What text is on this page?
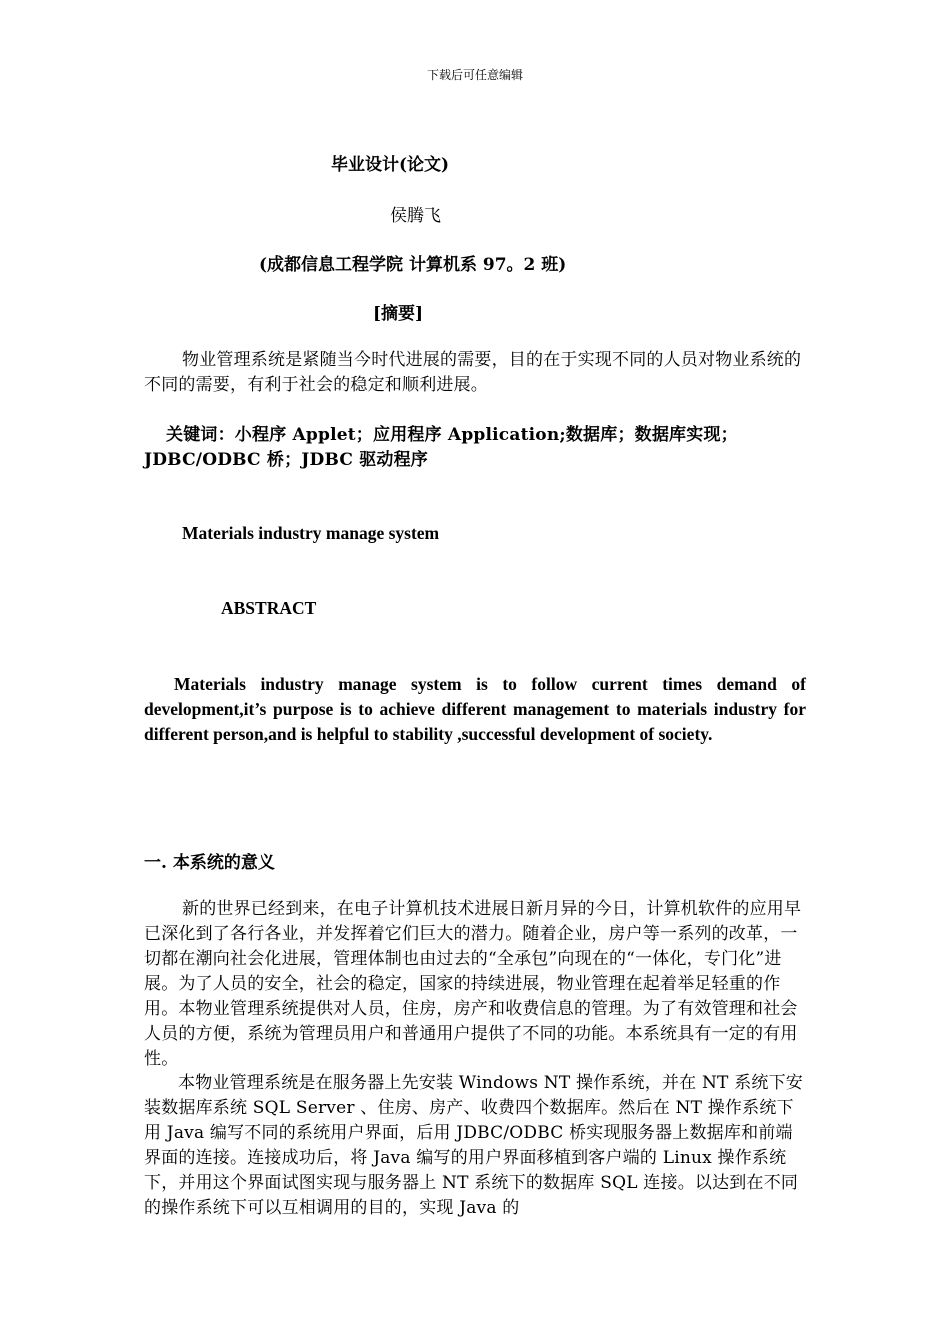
下载后可任意编辑
毕业设计(论文)
侯腾飞
(成都信息工程学院 计算机系 97。2 班)
[摘要]
物业管理系统是紧随当今时代进展的需要，目的在于实现不同的人员对物业系统的不同的需要，有利于社会的稳定和顺利进展。
关键词：小程序 Applet；应用程序 Application;数据库；数据库实现；JDBC/ODBC 桥；JDBC 驱动程序
Materials industry manage system
ABSTRACT
Materials industry manage system is to follow current times demand of development,it’s purpose is to achieve different management to materials industry for different person,and is helpful to stability ,successful development of society.
一. 本系统的意义
新的世界已经到来，在电子计算机技术进展日新月异的今日，计算机软件的应用早已深化到了各行各业，并发挥着它们巨大的潜力。随着企业，房户等一系列的改革，一切都在潮向社会化进展，管理体制也由过去的“全承包”向现在的“一体化，专门化”进展。为了人员的安全，社会的稳定，国家的持续进展，物业管理在起着举足轻重的作用。本物业管理系统提供对人员，住房，房产和收费信息的管理。为了有效管理和社会人员的方便，系统为管理员用户和普通用户提供了不同的功能。本系统具有一定的有用性。
本物业管理系统是在服务器上先安装 Windows NT 操作系统，并在 NT 系统下安装数据库系统 SQL Server 、住房、房产、收费四个数据库。然后在 NT 操作系统下用 Java 编写不同的系统用户界面，后用 JDBC/ODBC 桥实现服务器上数据库和前端界面的连接。连接成功后，将 Java 编写的用户界面移植到客户端的 Linux 操作系统下，并用这个界面试图实现与服务器上 NT 系统下的数据库 SQL 连接。以达到在不同的操作系统下可以互相调用的目的，实现 Java 的
